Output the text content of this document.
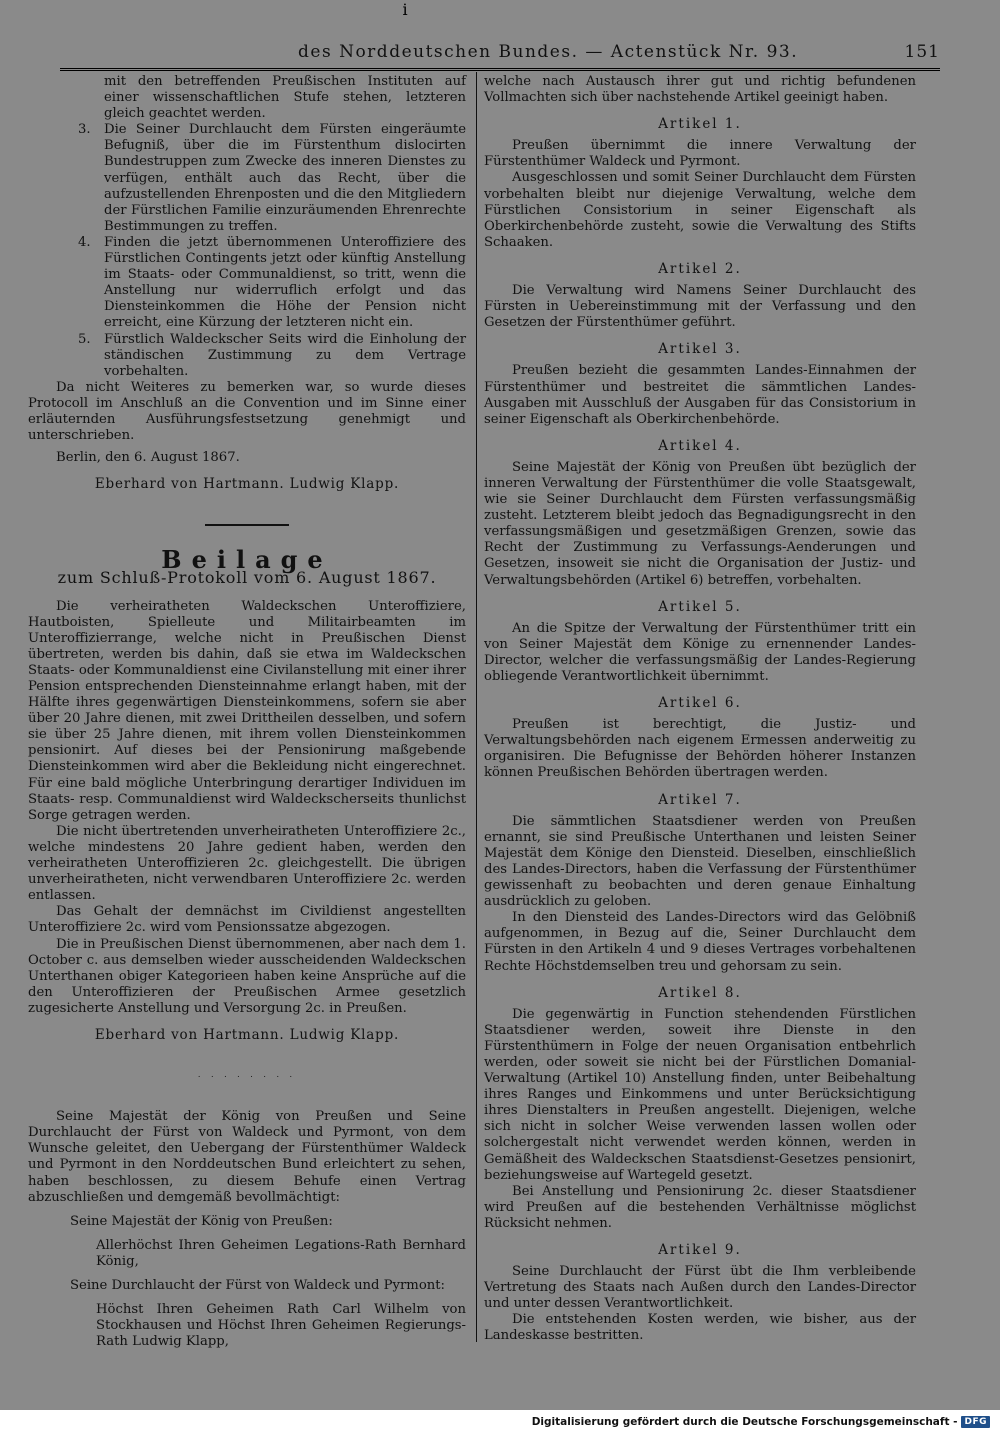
i
des Norddeutschen Bundes. — Actenstück Nr. 93.	151

mit den betreffenden Preußischen Instituten auf einer wissenschaftlichen Stufe stehen, letzteren gleich geachtet werden.

3.	Die Seiner Durchlaucht dem Fürsten eingeräumte Befugniß, über die im Fürstenthum dislocirten Bundestruppen zum Zwecke des inneren Dienstes zu verfügen, enthält auch das Recht, über die aufzustellenden Ehrenposten und die den Mitgliedern der Fürstlichen Familie einzuräumenden Ehrenrechte Bestimmungen zu treffen.
4.	Finden die jetzt übernommenen Unteroffiziere des Fürstlichen Contingents jetzt oder künftig Anstellung im Staats- oder Communaldienst, so tritt, wenn die Anstellung nur widerruflich erfolgt und das Diensteinkommen die Höhe der Pension nicht erreicht, eine Kürzung der letzteren nicht ein.
5.	Fürstlich Waldeckscher Seits wird die Einholung der ständischen Zustimmung zu dem Vertrage vorbehalten.

Da nicht Weiteres zu bemerken war, so wurde dieses Protocoll im Anschluß an die Convention und im Sinne einer erläuternden Ausführungsfestsetzung genehmigt und unterschrieben.

Berlin, den 6. August 1867.

Eberhard von Hartmann. Ludwig Klapp.

Beilage
zum Schluß-Protokoll vom 6. August 1867.

Die verheiratheten Waldeckschen Unteroffiziere, Hautboisten, Spielleute und Militairbeamten im Unteroffizierrange, welche nicht in Preußischen Dienst übertreten, werden bis dahin, daß sie etwa im Waldeckschen Staats- oder Kommunaldienst eine Civilanstellung mit einer ihrer Pension entsprechenden Diensteinnahme erlangt haben, mit der Hälfte ihres gegenwärtigen Diensteinkommens, sofern sie aber über 20 Jahre dienen, mit zwei Drittheilen desselben, und sofern sie über 25 Jahre dienen, mit ihrem vollen Diensteinkommen pensionirt. Auf dieses bei der Pensionirung maßgebende Diensteinkommen wird aber die Bekleidung nicht eingerechnet. Für eine bald mögliche Unterbringung derartiger Individuen im Staats- resp. Communaldienst wird Waldeckscherseits thunlichst Sorge getragen werden.

Die nicht übertretenden unverheiratheten Unteroffiziere 2c., welche mindestens 20 Jahre gedient haben, werden den verheiratheten Unteroffizieren 2c. gleichgestellt. Die übrigen unverheiratheten, nicht verwendbaren Unteroffiziere 2c. werden entlassen.

Das Gehalt der demnächst im Civildienst angestellten Unteroffiziere 2c. wird vom Pensionssatze abgezogen.

Die in Preußischen Dienst übernommenen, aber nach dem 1. October c. aus demselben wieder ausscheidenden Waldeckschen Unterthanen obiger Kategorieen haben keine Ansprüche auf die den Unteroffizieren der Preußischen Armee gesetzlich zugesicherte Anstellung und Versorgung 2c. in Preußen.

Eberhard von Hartmann. Ludwig Klapp.

. . . . . . . .

Seine Majestät der König von Preußen und Seine Durchlaucht der Fürst von Waldeck und Pyrmont, von dem Wunsche geleitet, den Uebergang der Fürstenthümer Waldeck und Pyrmont in den Norddeutschen Bund erleichtert zu sehen, haben beschlossen, zu diesem Behufe einen Vertrag abzuschließen und demgemäß bevollmächtigt:

Seine Majestät der König von Preußen:

Allerhöchst Ihren Geheimen Legations-Rath Bernhard König,

Seine Durchlaucht der Fürst von Waldeck und Pyrmont:

Höchst Ihren Geheimen Rath Carl Wilhelm von Stockhausen und Höchst Ihren Geheimen Regierungs-Rath Ludwig Klapp,

welche nach Austausch ihrer gut und richtig befundenen Vollmachten sich über nachstehende Artikel geeinigt haben.

Artikel 1.

Preußen übernimmt die innere Verwaltung der Fürstenthümer Waldeck und Pyrmont.

Ausgeschlossen und somit Seiner Durchlaucht dem Fürsten vorbehalten bleibt nur diejenige Verwaltung, welche dem Fürstlichen Consistorium in seiner Eigenschaft als Oberkirchenbehörde zusteht, sowie die Verwaltung des Stifts Schaaken.

Artikel 2.

Die Verwaltung wird Namens Seiner Durchlaucht des Fürsten in Uebereinstimmung mit der Verfassung und den Gesetzen der Fürstenthümer geführt.

Artikel 3.

Preußen bezieht die gesammten Landes-Einnahmen der Fürstenthümer und bestreitet die sämmtlichen Landes-Ausgaben mit Ausschluß der Ausgaben für das Consistorium in seiner Eigenschaft als Oberkirchenbehörde.

Artikel 4.

Seine Majestät der König von Preußen übt bezüglich der inneren Verwaltung der Fürstenthümer die volle Staatsgewalt, wie sie Seiner Durchlaucht dem Fürsten verfassungsmäßig zusteht. Letzterem bleibt jedoch das Begnadigungsrecht in den verfassungsmäßigen und gesetzmäßigen Grenzen, sowie das Recht der Zustimmung zu Verfassungs-Aenderungen und Gesetzen, insoweit sie nicht die Organisation der Justiz- und Verwaltungsbehörden (Artikel 6) betreffen, vorbehalten.

Artikel 5.

An die Spitze der Verwaltung der Fürstenthümer tritt ein von Seiner Majestät dem Könige zu ernennender Landes-Director, welcher die verfassungsmäßig der Landes-Regierung obliegende Verantwortlichkeit übernimmt.

Artikel 6.

Preußen ist berechtigt, die Justiz- und Verwaltungsbehörden nach eigenem Ermessen anderweitig zu organisiren. Die Befugnisse der Behörden höherer Instanzen können Preußischen Behörden übertragen werden.

Artikel 7.

Die sämmtlichen Staatsdiener werden von Preußen ernannt, sie sind Preußische Unterthanen und leisten Seiner Majestät dem Könige den Diensteid. Dieselben, einschließlich des Landes-Directors, haben die Verfassung der Fürstenthümer gewissenhaft zu beobachten und deren genaue Einhaltung ausdrücklich zu geloben.

In den Diensteid des Landes-Directors wird das Gelöbniß aufgenommen, in Bezug auf die, Seiner Durchlaucht dem Fürsten in den Artikeln 4 und 9 dieses Vertrages vorbehaltenen Rechte Höchstdemselben treu und gehorsam zu sein.

Artikel 8.

Die gegenwärtig in Function stehendenden Fürstlichen Staatsdiener werden, soweit ihre Dienste in den Fürstenthümern in Folge der neuen Organisation entbehrlich werden, oder soweit sie nicht bei der Fürstlichen Domanial-Verwaltung (Artikel 10) Anstellung finden, unter Beibehaltung ihres Ranges und Einkommens und unter Berücksichtigung ihres Dienstalters in Preußen angestellt. Diejenigen, welche sich nicht in solcher Weise verwenden lassen wollen oder solchergestalt nicht verwendet werden können, werden in Gemäßheit des Waldeckschen Staatsdienst-Gesetzes pensionirt, beziehungsweise auf Wartegeld gesetzt.

Bei Anstellung und Pensionirung 2c. dieser Staatsdiener wird Preußen auf die bestehenden Verhältnisse möglichst Rücksicht nehmen.

Artikel 9.

Seine Durchlaucht der Fürst übt die Ihm verbleibende Vertretung des Staats nach Außen durch den Landes-Director und unter dessen Verantwortlichkeit.

Die entstehenden Kosten werden, wie bisher, aus der Landeskasse bestritten.

Digitalisierung gefördert durch die Deutsche Forschungsgemeinschaft - DFG
